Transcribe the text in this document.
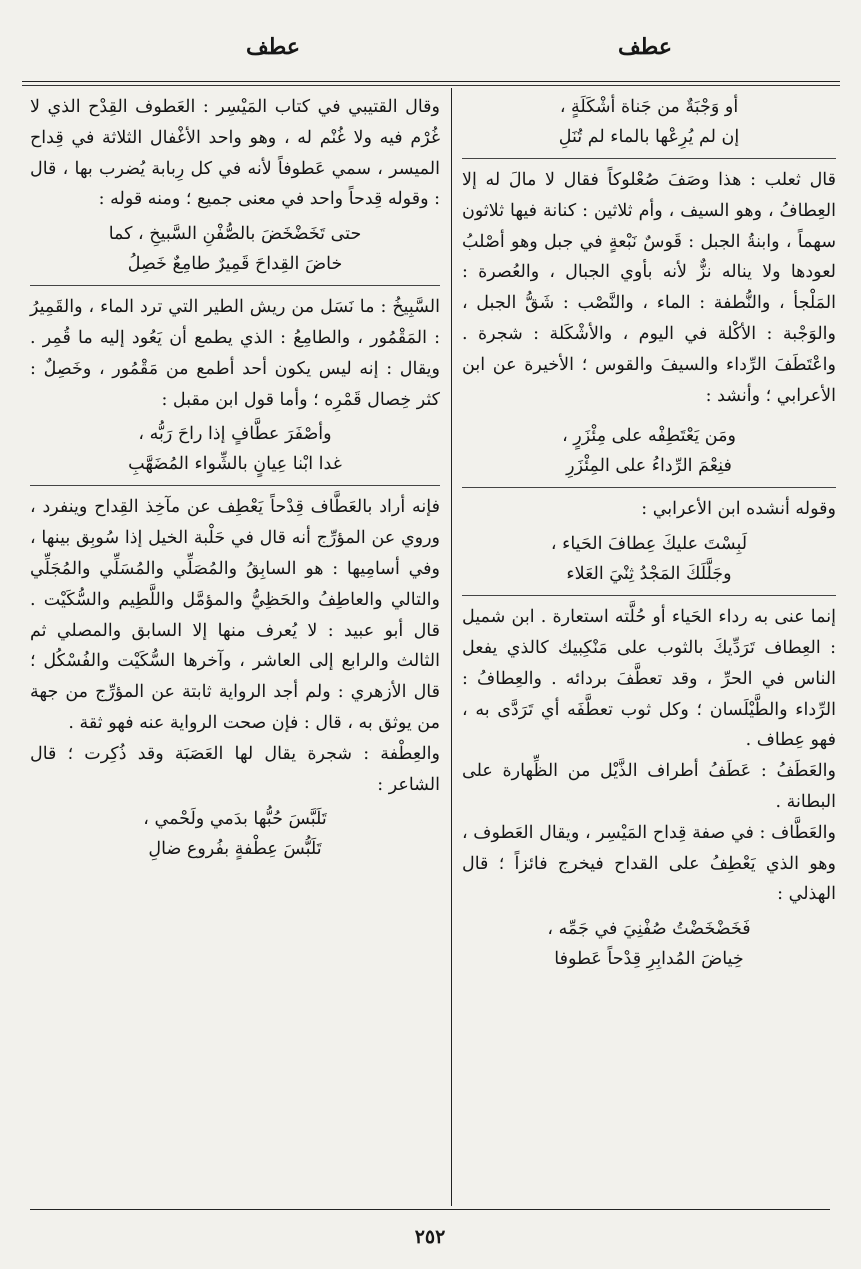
عطف
عطف
أو وَجْبَةٌ من جَناة أشْكَلَةٍ ،
إن لم يُرِعْها بالماء لم تُنَلِ

قال ثعلب : هذا وصَفَ صُعْلوكاً فقال لا مالَ له إلا العِطافُ ، وهو السيف ، وأم ثلاثين : كنانة فيها ثلاثون سهماً ، وابنةُ الجبل : قَوسٌ نَبْعةٍ في جبل وهو أصْلبُ لعودها ولا يناله نزٌّ لأنه بأوي الجبال ، والعُصرة : المَلْجأ ، والنُّطفة : الماء ، والنَّصْب : شَقُّ الجبل ، والوَجْبة : الأكْلة في اليوم ، والأشْكَلة : شجرة . واعْتَطَفَ الرِّداء والسيفَ والقوس ؛ الأخيرة عن ابن الأعرابي ؛ وأنشد :

ومَن يَعْتَطِفْه على مِئْزَرٍ ،
فنِعْمَ الرِّداءُ على المِئْزَرِ

وقوله أنشده ابن الأعرابي :

لَبِسْتَ عليكَ عِطافَ الحَياء ،
وجَلَّلَكَ المَجْدُ ثِنْيَ العَلاء

إنما عنى به رداء الحَياء أو حُلَّته استعارة . ابن شميل : العِطاف تَرَدِّيكَ بالثوب على مَنْكِبيك كالذي يفعل الناس في الحرِّ ، وقد تعطَّفَ بردائه . والعِطافُ : الرِّداء والطَّيْلَسان ؛ وكل ثوب تعطَّفَه أي تَرَدَّى به ، فهو عِطاف .

والعَطَفُ : عَطَفُ أطراف الذَّيْل من الظِّهارة على البطانة .

والعَطَّاف : في صفة قِداح المَيْسِر ، ويقال العَطوف ، وهو الذي يَعْطِفُ على القداح فيخرج فائزاً ؛ قال الهذلي :

فَخَضْخَضْتُ صُفْنِيَ في جَمِّه ،
خِياضَ المُدابِرِ قِدْحاً عَطوفا

وقال القتيبي في كتاب المَيْسِر : العَطوف القِدْح الذي لا غُرْم فيه ولا غُنْم له ، وهو واحد الأغْفال الثلاثة في قِداح الميسر ، سمي عَطوفاً لأنه في كل رِبابة يُضرب بها ، قال : وقوله قِدحاً واحد في معنى جميع ؛ ومنه قوله :

حتى تَخَضْخَضَ بالصُّفْنِ السَّبيخِ ، كما
خاضَ القِداحَ قَمِيرٌ طامِعٌ خَصِلُ

السَّبِيخُ : ما نَسَل من ريش الطير التي ترد الماء ، والقَمِيرُ : المَقْمُور ، والطامِعُ : الذي يطمع أن يَعُود إليه ما قُمِر . ويقال : إنه ليس يكون أحد أطمع من مَقْمُور ، وخَصِلٌ : كثر خِصال قَمْرِه ؛ وأما قول ابن مقبل :

وأصْفَرَ عطَّافٍ إذا راحَ رَبُّه ،
غدا ابْنا عِيانٍ بالشِّواء المُضَهَّبِ

فإنه أراد بالعَطَّاف قِدْحاً يَعْطِف عن مآخِذ القِداح وينفرد ، وروي عن المؤرِّج أنه قال في حَلْبة الخيل إذا سُوبِق بينها ، وفي أسامِيها : هو السابِقُ والمُصَلِّي والمُسَلِّي والمُجَلِّي والتالي والعاطِفُ والحَظِيُّ والمؤمَّل واللَّطِيم والسُّكَيْت . قال أبو عبيد : لا يُعرف منها إلا السابق والمصلي ثم الثالث والرابع إلى العاشر ، وآخرها السُّكَيْت والفُسْكُل ؛ قال الأزهري : ولم أجد الرواية ثابتة عن المؤرِّج من جهة من يوثق به ، قال : فإن صحت الرواية عنه فهو ثقة .

والعِطْفة : شجرة يقال لها العَصَبَة وقد ذُكِرت ؛ قال الشاعر :

تَلَبَّسَ حُبُّها بدَمي ولَحْمي ،
تَلَبُّسَ عِطْفةٍ بفُروع ضالِ
٢٥٢
